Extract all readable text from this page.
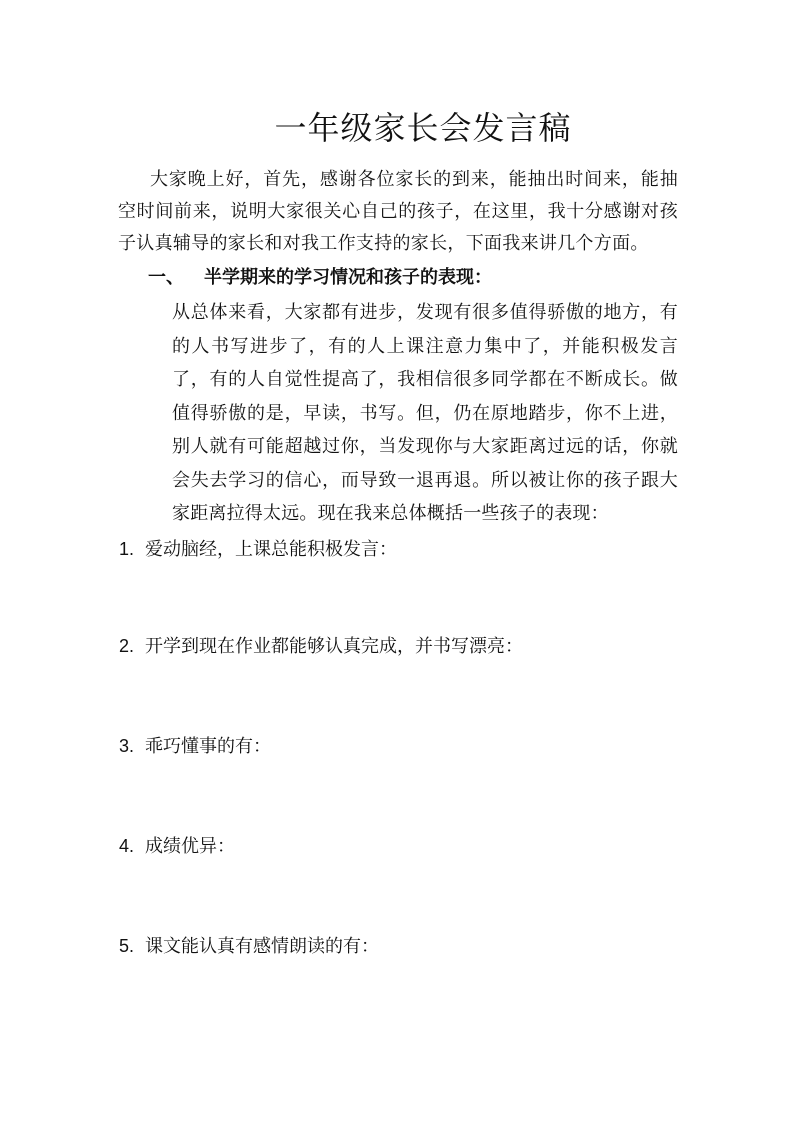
一年级家长会发言稿
大家晚上好，首先，感谢各位家长的到来，能抽出时间来，能抽空时间前来，说明大家很关心自己的孩子，在这里，我十分感谢对孩子认真辅导的家长和对我工作支持的家长，下面我来讲几个方面。
一、 半学期来的学习情况和孩子的表现：
从总体来看，大家都有进步，发现有很多值得骄傲的地方，有的人书写进步了，有的人上课注意力集中了，并能积极发言了，有的人自觉性提高了，我相信很多同学都在不断成长。做值得骄傲的是，早读，书写。但，仍在原地踏步，你不上进，别人就有可能超越过你，当发现你与大家距离过远的话，你就会失去学习的信心，而导致一退再退。所以被让你的孩子跟大家距离拉得太远。现在我来总体概括一些孩子的表现：
1. 爱动脑经，上课总能积极发言：
2. 开学到现在作业都能够认真完成，并书写漂亮：
3. 乖巧懂事的有：
4. 成绩优异：
5. 课文能认真有感情朗读的有：
